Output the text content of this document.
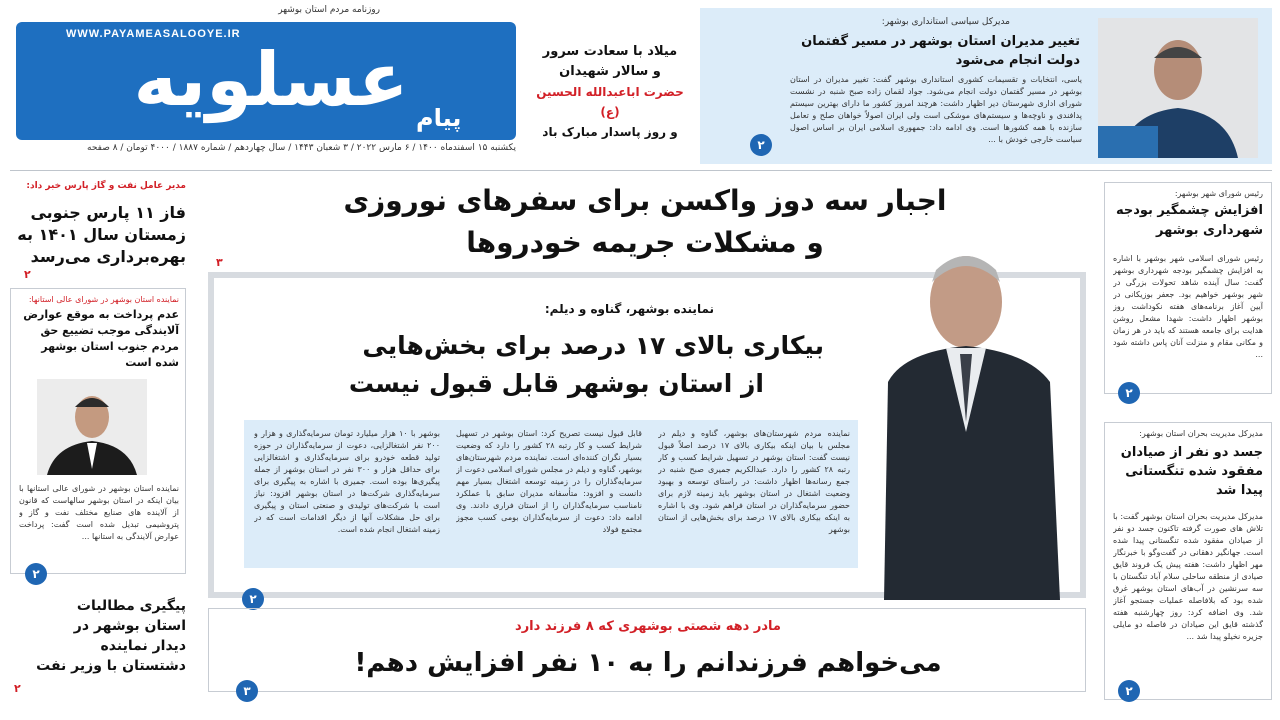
روزنامه مردم استان بوشهر
WWW.PAYAMEASALOOYE.IR
عسلویه پیام
یکشنبه ۱۵ اسفندماه ۱۴۰۰ / ۶ مارس ۲۰۲۲ / ۳ شعبان ۱۴۴۳ / سال چهاردهم / شماره ۱۸۸۷ / ۴۰۰۰ تومان / ۸ صفحه
میلاد با سعادت سرور
و سالار شهیدان
حضرت اباعبدالله الحسین (ع)
و روز پاسدار مبارک باد
مدیرکل سیاسی استانداری بوشهر:
تغییر مدیران استان بوشهر در مسیر گفتمان دولت انجام می‌شود
یاسی، انتخابات و تقسیمات کشوری استانداری بوشهر گفت: تغییر مدیران در استان بوشهر در مسیر گفتمان دولت انجام می‌شود. جواد لقمان زاده صبح شنبه در نشست شورای اداری شهرستان دیر اظهار داشت: هرچند امروز کشور ما دارای بهترین سیستم پدافندی و ناوچه‌ها و سیستم‌های موشکی است ولی ایران اصولاً خواهان صلح و تعامل سازنده با همه کشورها است. وی ادامه داد: جمهوری اسلامی ایران بر اساس اصول سیاست خارجی خودش با ...
۲
مدیر عامل نفت و گاز پارس خبر داد:
فاز ۱۱ پارس جنوبی زمستان سال ۱۴۰۱ به بهره‌برداری می‌رسد
۲
نماینده استان بوشهر در شورای عالی استانها:
عدم پرداخت به موقع عوارض آلایندگی موجب تضییع حق مردم جنوب استان بوشهر شده است
نماینده استان بوشهر در شورای عالی استانها با بیان اینکه در استان بوشهر سالهاست که قانون از آلاینده های صنایع مختلف نفت و گاز و پتروشیمی تبدیل شده است گفت: پرداخت عوارض آلایندگی به استانها ...
۲
پیگیری مطالبات استان بوشهر در دیدار نماینده دشتستان با وزیر نفت
۲
اجبار سه دوز واکسن برای سفرهای نوروزی
و مشکلات جریمه خودروها
۳
نماینده بوشهر، گناوه و دیلم:
بیکاری بالای ۱۷ درصد برای بخش‌هایی
از استان بوشهر قابل قبول نیست
بوشهر با ۱۰ هزار میلیارد تومان سرمایه‌گذاری و هزار و ۲۰۰ نفر اشتغالزایی، دعوت از سرمایه‌گذاران در حوزه تولید قطعه خودرو برای سرمایه‌گذاری و اشتغالزایی برای حداقل هزار و ۳۰۰ نفر در استان بوشهر از جمله پیگیری‌ها بوده است. جمیری با اشاره به پیگیری برای سرمایه‌گذاری شرکت‌ها در استان بوشهر افزود: نیاز است با شرکت‌های تولیدی و صنعتی استان و پیگیری برای حل مشکلات آنها از دیگر اقدامات است که در زمینه اشتغال انجام شده است.
قابل قبول نیست تصریح کرد: استان بوشهر در تسهیل شرایط کسب و کار رتبه ۲۸ کشور را دارد که وضعیت بسیار نگران کننده‌ای است. نماینده مردم شهرستان‌های بوشهر، گناوه و دیلم در مجلس شورای اسلامی دعوت از سرمایه‌گذاران را در زمینه توسعه اشتغال بسیار مهم دانست و افزود: متأسفانه مدیران سابق با عملکرد نامناسب سرمایه‌گذاران را از استان فراری دادند. وی ادامه داد: دعوت از سرمایه‌گذاران بومی کسب مجوز مجتمع فولاد
نماینده مردم شهرستان‌های بوشهر، گناوه و دیلم در مجلس با بیان اینکه بیکاری بالای ۱۷ درصد اصلاً قبول نیست گفت: استان بوشهر در تسهیل شرایط کسب و کار رتبه ۲۸ کشور را دارد. عبدالکریم جمیری صبح شنبه در جمع رسانه‌ها اظهار داشت: در راستای توسعه و بهبود وضعیت اشتغال در استان بوشهر باید زمینه لازم برای حضور سرمایه‌گذاران در استان فراهم شود. وی با اشاره به اینکه بیکاری بالای ۱۷ درصد برای بخش‌هایی از استان بوشهر
۲
مادر دهه شصتی بوشهری که ۸ فرزند دارد
می‌خواهم فرزندانم را به ۱۰ نفر افزایش دهم!
۳
رئیس شورای شهر بوشهر:
افزایش چشمگیر بودجه شهرداری بوشهر
رئیس شورای اسلامی شهر بوشهر با اشاره به افزایش چشمگیر بودجه شهرداری بوشهر گفت: سال آینده شاهد تحولات بزرگی در شهر بوشهر خواهیم بود. جعفر بوزیکانی در آیین آغاز برنامه‌های هفته نکوداشت روز بوشهر اظهار داشت: شهدا مشعل روشن هدایت برای جامعه هستند که باید در هر زمان و مکانی مقام و منزلت آنان پاس داشته شود ...
۲
مدیرکل مدیریت بحران استان بوشهر:
جسد دو نفر از صیادان مفقود شده تنگستانی پیدا شد
مدیرکل مدیریت بحران استان بوشهر گفت: با تلاش های صورت گرفته تاکنون جسد دو نفر از صیادان مفقود شده تنگستانی پیدا شده است. جهانگیر دهقانی در گفت‌وگو با خبرنگار مهر اظهار داشت: هفته پیش یک فروند قایق صیادی از منطقه ساحلی سلام آباد تنگستان با سه سرنشین در آب‌های استان بوشهر غرق شده بود که بلافاصله عملیات جستجو آغاز شد. وی اضافه کرد: روز چهارشنبه هفته گذشته قایق این صیادان در فاصله دو مایلی جزیره نخیلو پیدا شد ...
۲
